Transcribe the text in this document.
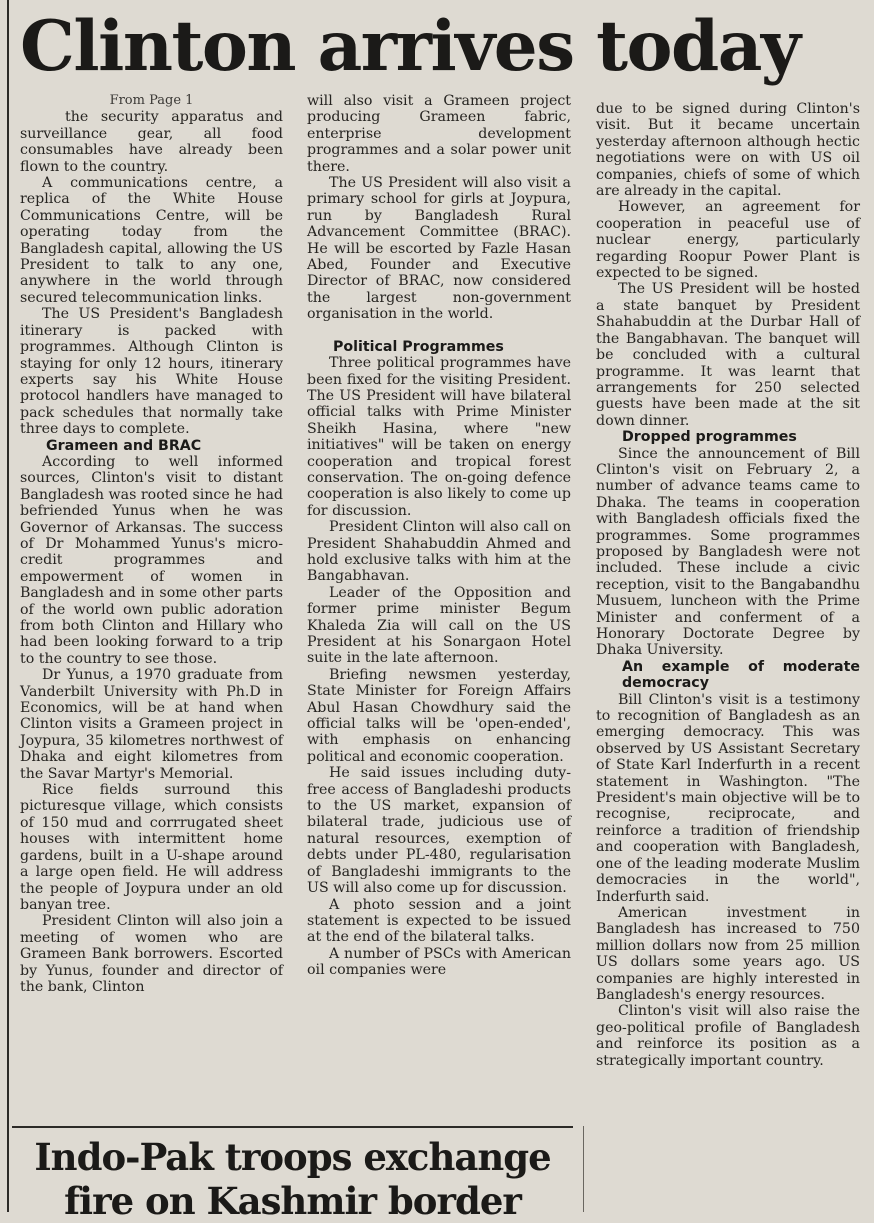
Clinton arrives today

From Page 1

the security apparatus and surveillance gear, all food consumables have already been flown to the country.

A communications centre, a replica of the White House Communications Centre, will be operating today from the Bangladesh capital, allowing the US President to talk to any one, anywhere in the world through secured telecommunication links.

The US President's Bangladesh itinerary is packed with programmes. Although Clinton is staying for only 12 hours, itinerary experts say his White House protocol handlers have managed to pack schedules that normally take three days to complete.

Grameen and BRAC

According to well informed sources, Clinton's visit to distant Bangladesh was rooted since he had befriended Yunus when he was Governor of Arkansas. The success of Dr Mohammed Yunus's micro-credit programmes and empowerment of women in Bangladesh and in some other parts of the world own public adoration from both Clinton and Hillary who had been looking forward to a trip to the country to see those.

Dr Yunus, a 1970 graduate from Vanderbilt University with Ph.D in Economics, will be at hand when Clinton visits a Grameen project in Joypura, 35 kilometres northwest of Dhaka and eight kilometres from the Savar Martyr's Memorial.

Rice fields surround this picturesque village, which consists of 150 mud and corrrugated sheet houses with intermittent home gardens, built in a U-shape around a large open field. He will address the people of Joypura under an old banyan tree.

President Clinton will also join a meeting of women who are Grameen Bank borrowers. Escorted by Yunus, founder and director of the bank, Clinton

will also visit a Grameen project producing Grameen fabric, enterprise development programmes and a solar power unit there.

The US President will also visit a primary school for girls at Joypura, run by Bangladesh Rural Advancement Committee (BRAC). He will be escorted by Fazle Hasan Abed, Founder and Executive Director of BRAC, now considered the largest non-government organisation in the world.

Political Programmes

Three political programmes have been fixed for the visiting President. The US President will have bilateral official talks with Prime Minister Sheikh Hasina, where "new initiatives" will be taken on energy cooperation and tropical forest conservation. The on-going defence cooperation is also likely to come up for discussion.

President Clinton will also call on President Shahabuddin Ahmed and hold exclusive talks with him at the Bangabhavan.

Leader of the Opposition and former prime minister Begum Khaleda Zia will call on the US President at his Sonargaon Hotel suite in the late afternoon.

Briefing newsmen yesterday, State Minister for Foreign Affairs Abul Hasan Chowdhury said the official talks will be 'open-ended', with emphasis on enhancing political and economic cooperation.

He said issues including duty-free access of Bangladeshi products to the US market, expansion of bilateral trade, judicious use of natural resources, exemption of debts under PL-480, regularisation of Bangladeshi immigrants to the US will also come up for discussion.

A photo session and a joint statement is expected to be issued at the end of the bilateral talks.

A number of PSCs with American oil companies were

due to be signed during Clinton's visit. But it became uncertain yesterday afternoon although hectic negotiations were on with US oil companies, chiefs of some of which are already in the capital.

However, an agreement for cooperation in peaceful use of nuclear energy, particularly regarding Roopur Power Plant is expected to be signed.

The US President will be hosted a state banquet by President Shahabuddin at the Durbar Hall of the Bangabhavan. The banquet will be concluded with a cultural programme. It was learnt that arrangements for 250 selected guests have been made at the sit down dinner.

Dropped programmes

Since the announcement of Bill Clinton's visit on February 2, a number of advance teams came to Dhaka. The teams in cooperation with Bangladesh officials fixed the programmes. Some programmes proposed by Bangladesh were not included. These include a civic reception, visit to the Bangabandhu Musuem, luncheon with the Prime Minister and conferment of a Honorary Doctorate Degree by Dhaka University.

An example of moderate democracy

Bill Clinton's visit is a testimony to recognition of Bangladesh as an emerging democracy. This was observed by US Assistant Secretary of State Karl Inderfurth in a recent statement in Washington. "The President's main objective will be to recognise, reciprocate, and reinforce a tradition of friendship and cooperation with Bangladesh, one of the leading moderate Muslim democracies in the world", Inderfurth said.

American investment in Bangladesh has increased to 750 million dollars now from 25 million US dollars some years ago. US companies are highly interested in Bangladesh's energy resources.

Clinton's visit will also raise the geo-political profile of Bangladesh and reinforce its position as a strategically important country.

Indo-Pak troops exchange fire on Kashmir border
